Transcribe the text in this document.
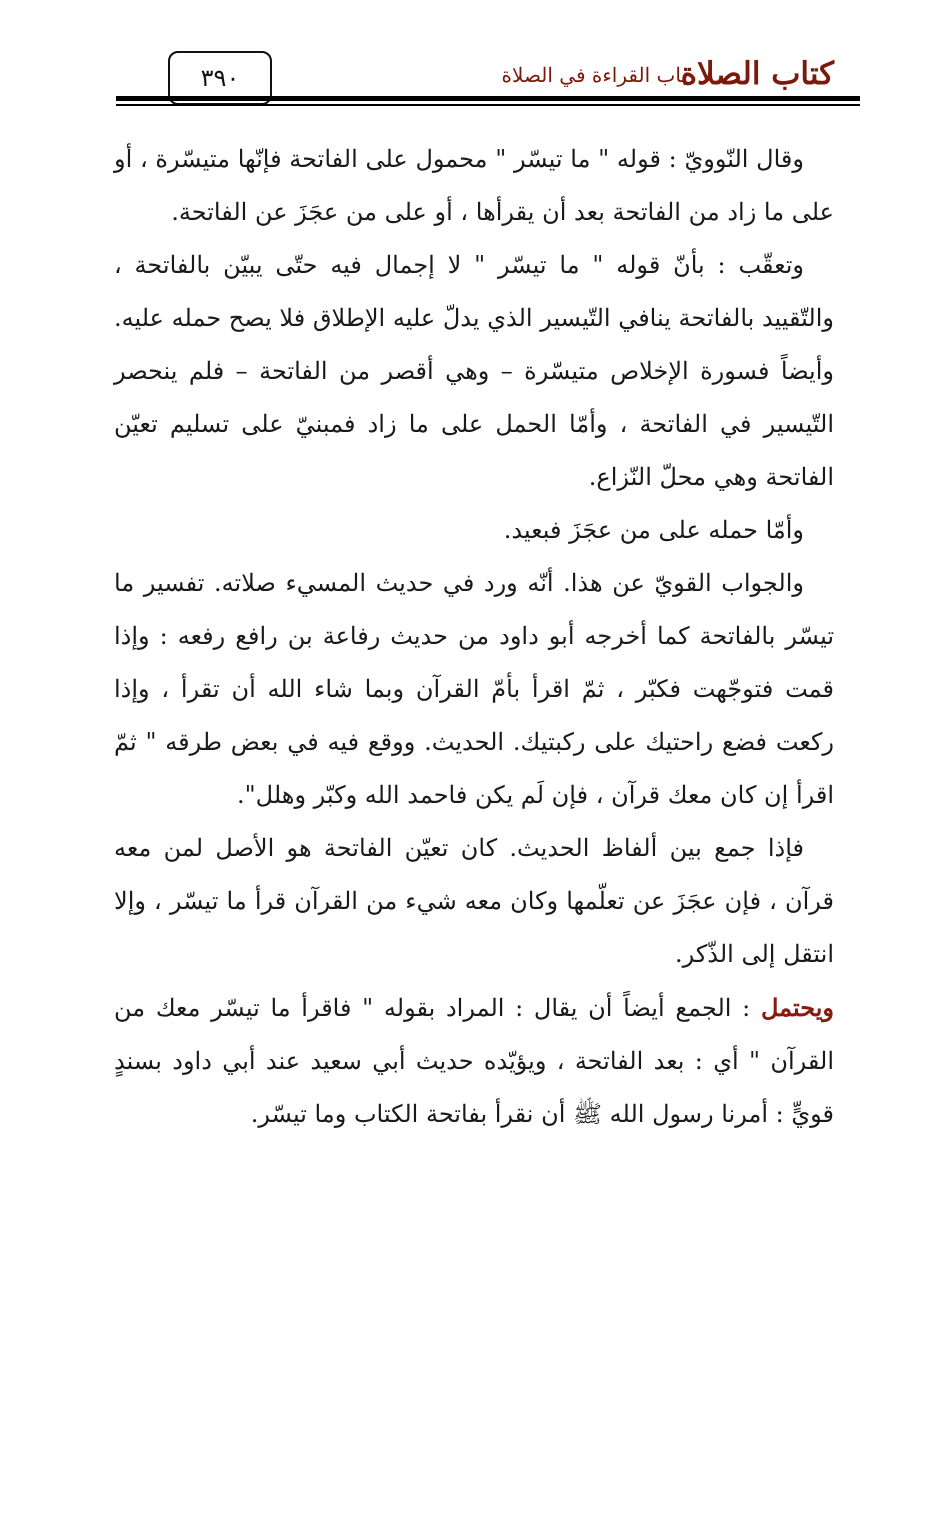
كتاب الصلاة
باب القراءة في الصلاة
٣٩٠

وقال النّوويّ : قوله " ما تيسّر " محمول على الفاتحة فإنّها متيسّرة ، أو على ما زاد من الفاتحة بعد أن يقرأها ، أو على من عجَزَ عن الفاتحة.

وتعقّب : بأنّ قوله " ما تيسّر " لا إجمال فيه حتّى يبيّن بالفاتحة ، والتّقييد بالفاتحة ينافي التّيسير الذي يدلّ عليه الإطلاق فلا يصح حمله عليه. وأيضاً فسورة الإخلاص متيسّرة – وهي أقصر من الفاتحة – فلم ينحصر التّيسير في الفاتحة ، وأمّا الحمل على ما زاد فمبنيّ على تسليم تعيّن الفاتحة وهي محلّ النّزاع.

وأمّا حمله على من عجَزَ فبعيد.

والجواب القويّ عن هذا. أنّه ورد في حديث المسيء صلاته. تفسير ما تيسّر بالفاتحة كما أخرجه أبو داود من حديث رفاعة بن رافع رفعه : وإذا قمت فتوجّهت فكبّر ، ثمّ اقرأ بأمّ القرآن وبما شاء الله أن تقرأ ، وإذا ركعت فضع راحتيك على ركبتيك. الحديث. ووقع فيه في بعض طرقه " ثمّ اقرأ إن كان معك قرآن ، فإن لَم يكن فاحمد الله وكبّر وهلل".

فإذا جمع بين ألفاظ الحديث. كان تعيّن الفاتحة هو الأصل لمن معه قرآن ، فإن عجَزَ عن تعلّمها وكان معه شيء من القرآن قرأ ما تيسّر ، وإلا انتقل إلى الذّكر.

ويحتمل : الجمع أيضاً أن يقال : المراد بقوله " فاقرأ ما تيسّر معك من القرآن " أي : بعد الفاتحة ، ويؤيّده حديث أبي سعيد عند أبي داود بسندٍ قويٍّ : أمرنا رسول الله ﷺ أن نقرأ بفاتحة الكتاب وما تيسّر.
